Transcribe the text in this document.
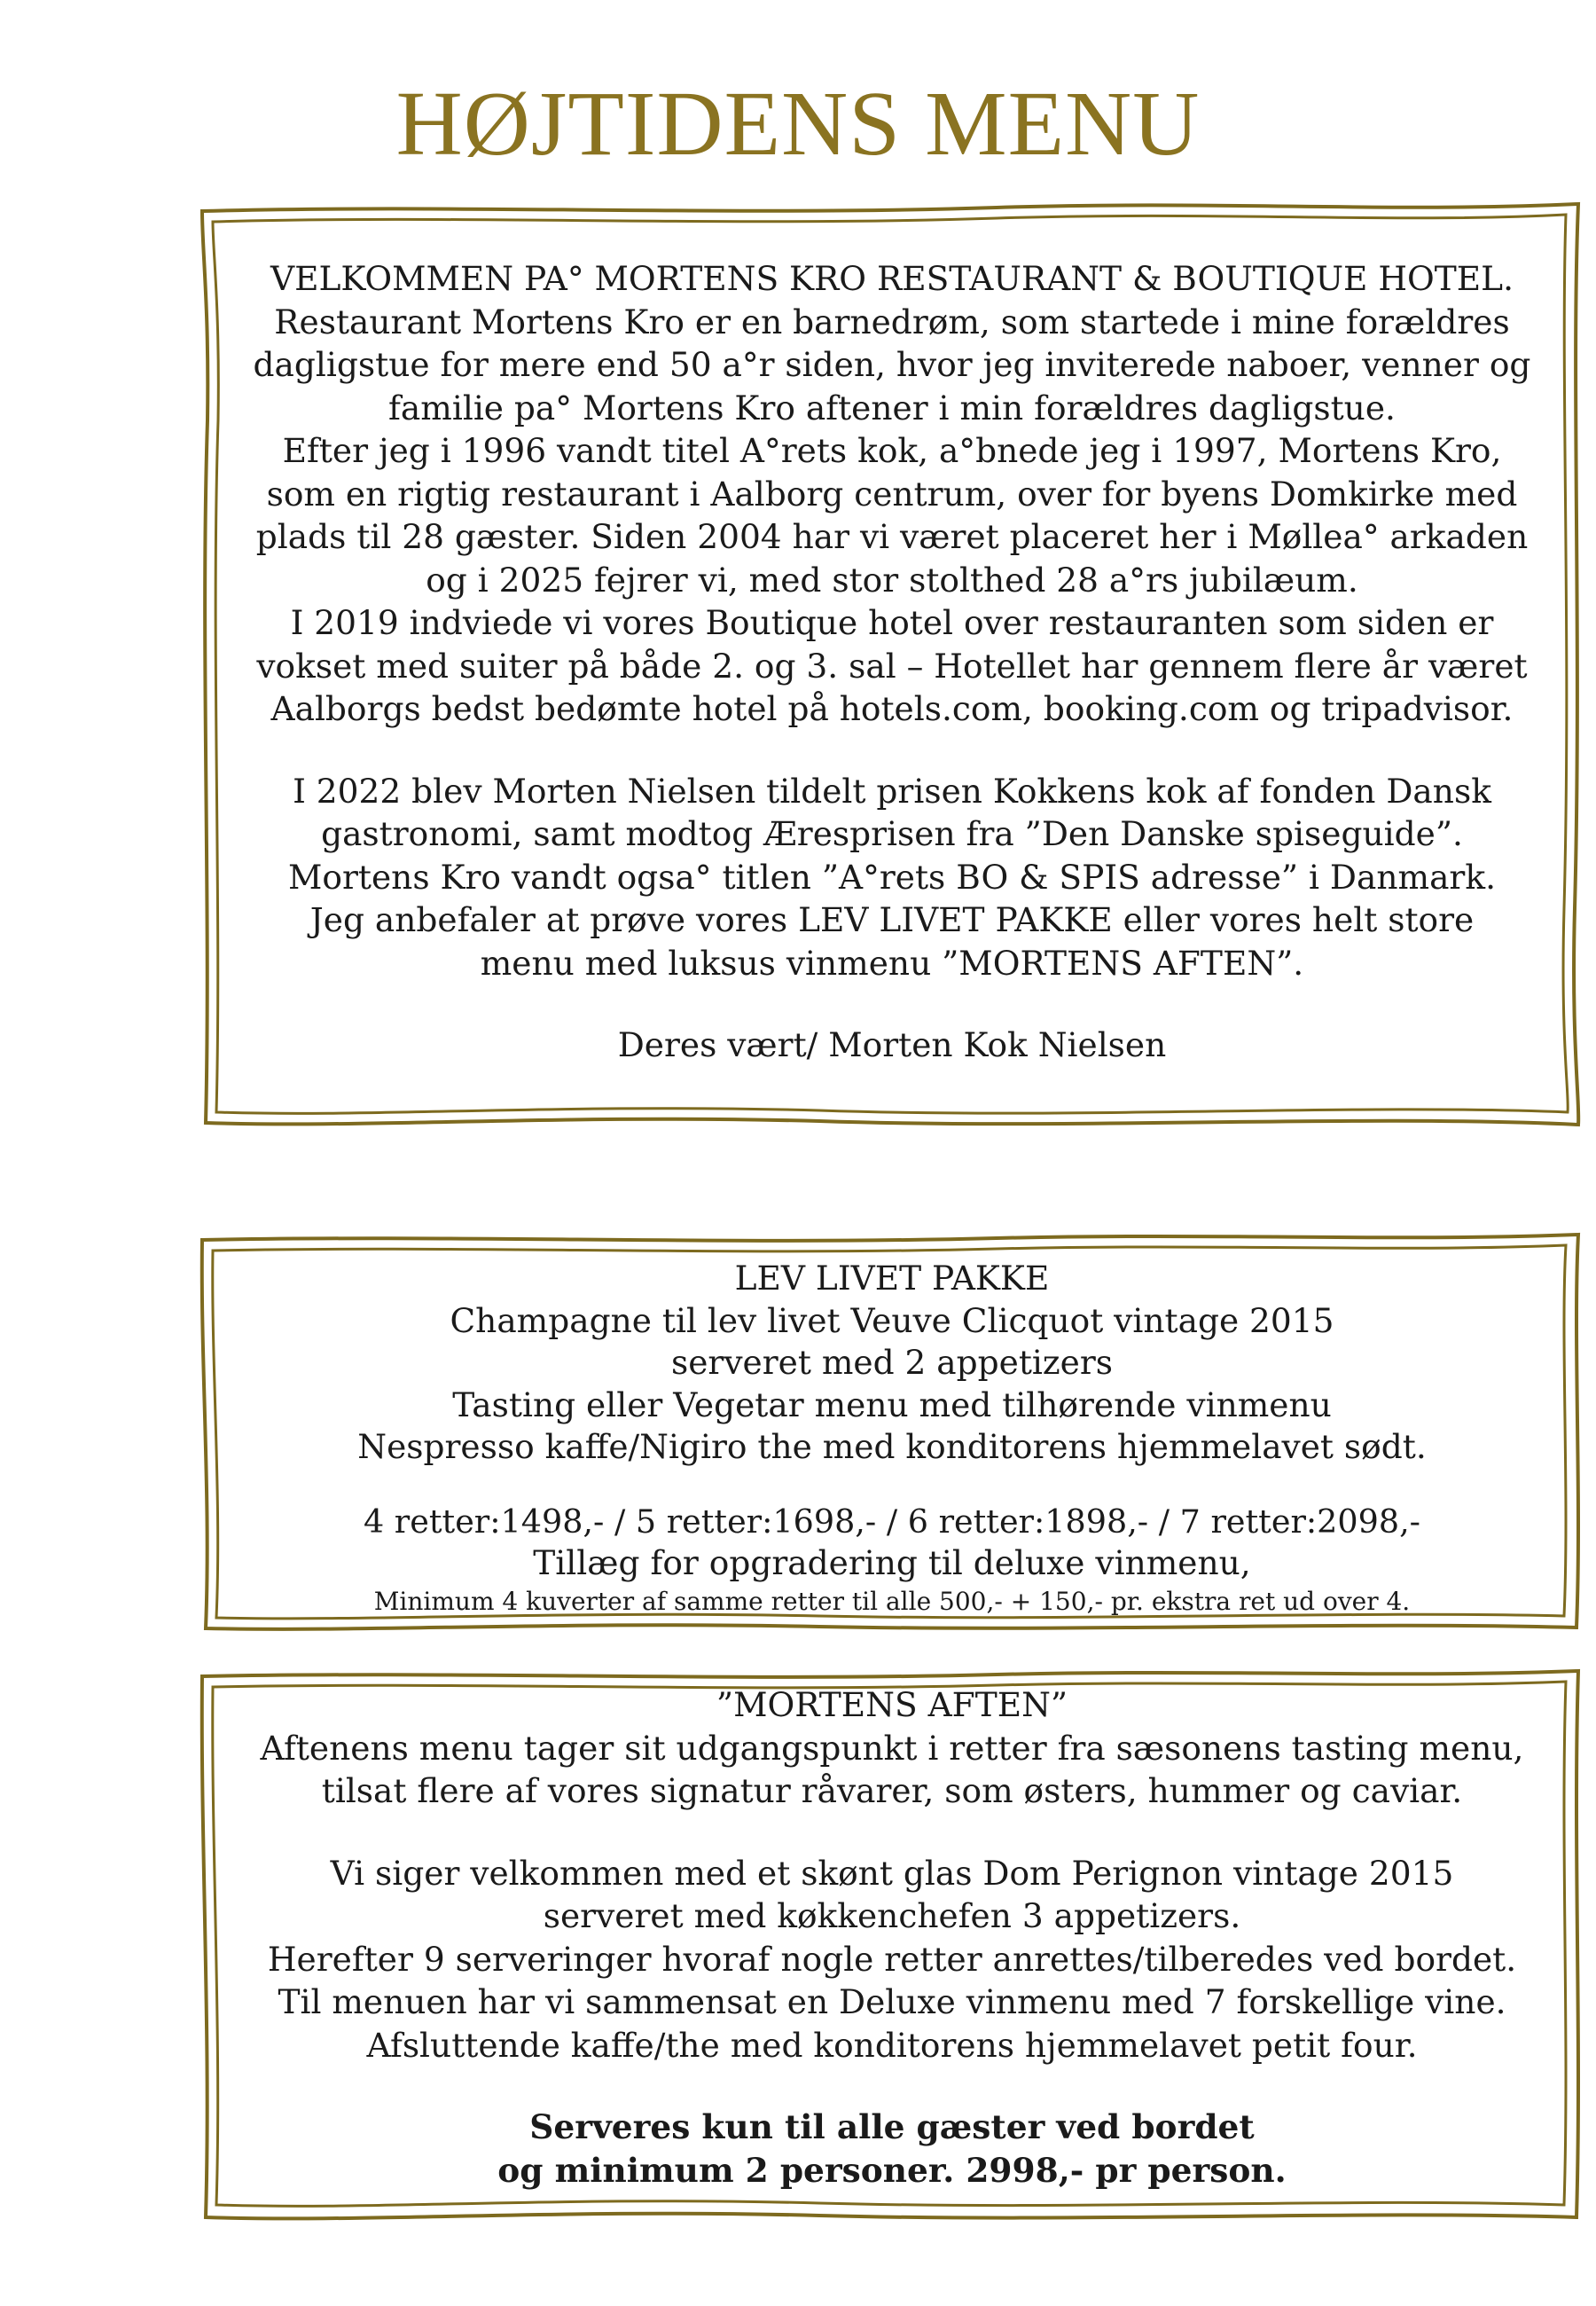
HØJTIDENS MENU
VELKOMMEN PA° MORTENS KRO RESTAURANT & BOUTIQUE HOTEL.
Restaurant Mortens Kro er en barnedrøm, som startede i mine forældres
dagligstue for mere end 50 a°r siden, hvor jeg inviterede naboer, venner og
familie pa° Mortens Kro aftener i min forældres dagligstue.
Efter jeg i 1996 vandt titel A°rets kok, a°bnede jeg i 1997, Mortens Kro,
som en rigtig restaurant i Aalborg centrum, over for byens Domkirke med
plads til 28 gæster. Siden 2004 har vi været placeret her i Møllea° arkaden
og i 2025 fejrer vi, med stor stolthed 28 a°rs jubilæum.
I 2019 indviede vi vores Boutique hotel over restauranten som siden er
vokset med suiter på både 2. og 3. sal – Hotellet har gennem flere år været
Aalborgs bedst bedømte hotel på hotels.com, booking.com og tripadvisor.
I 2022 blev Morten Nielsen tildelt prisen Kokkens kok af fonden Dansk
gastronomi, samt modtog Æresprisen fra ”Den Danske spiseguide”.
Mortens Kro vandt ogsa° titlen ”A°rets BO & SPIS adresse” i Danmark.
Jeg anbefaler at prøve vores LEV LIVET PAKKE eller vores helt store
menu med luksus vinmenu ”MORTENS AFTEN”.
Deres vært/ Morten Kok Nielsen
LEV LIVET PAKKE
Champagne til lev livet Veuve Clicquot vintage 2015
serveret med 2 appetizers
Tasting eller Vegetar menu med tilhørende vinmenu
Nespresso kaffe/Nigiro the med konditorens hjemmelavet sødt.
4 retter:1498,- / 5 retter:1698,- / 6 retter:1898,- / 7 retter:2098,-
Tillæg for opgradering til deluxe vinmenu,
Minimum 4 kuverter af samme retter til alle 500,- + 150,- pr. ekstra ret ud over 4.
”MORTENS AFTEN”
Aftenens menu tager sit udgangspunkt i retter fra sæsonens tasting menu,
tilsat flere af vores signatur råvarer, som østers, hummer og caviar.
Vi siger velkommen med et skønt glas Dom Perignon vintage 2015
serveret med køkkenchefen 3 appetizers.
Herefter 9 serveringer hvoraf nogle retter anrettes/tilberedes ved bordet.
Til menuen har vi sammensat en Deluxe vinmenu med 7 forskellige vine.
Afsluttende kaffe/the med konditorens hjemmelavet petit four.
Serveres kun til alle gæster ved bordet
og minimum 2 personer. 2998,- pr person.
